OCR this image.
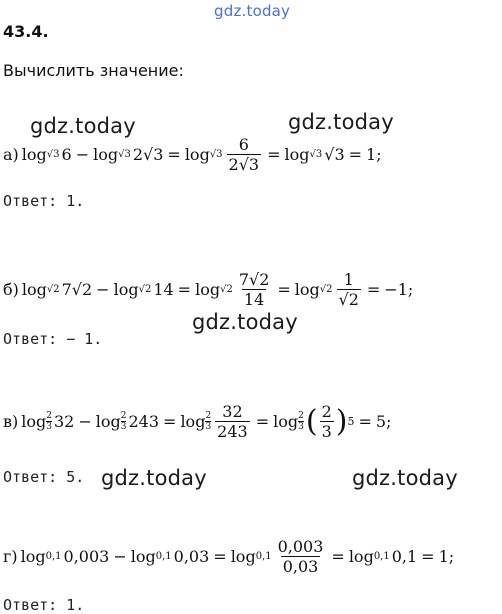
gdz.today
gdz.today	gdz.today
gdz.today
gdz.today	gdz.today
43.4.
Вычислить значение:
а) log √3 6 − log √3 $2√3 = \log √3 \frac{6}{2√3} = \log √3$ √3 = 1;
Ответ: 1.
б) log √2 7√2 − log √2 $14 = \log √2 \frac{7√2}{14} = \log √2 \frac{1}{√2} = -1$;
Ответ: − 1.
в) log 2
3 32 − log 2
3 243 = log 2
$3 \frac{32}{243} = \log 2$
3 ( $\frac{2}{3}$ ) 5 = 5;
Ответ: 5.
г) log 0,1 0,003 − log 0,1 $0,03 = \log 0,1 \frac{0,003}{0,03} = \log 0,1$ 0,1 = 1;
Ответ: 1.
